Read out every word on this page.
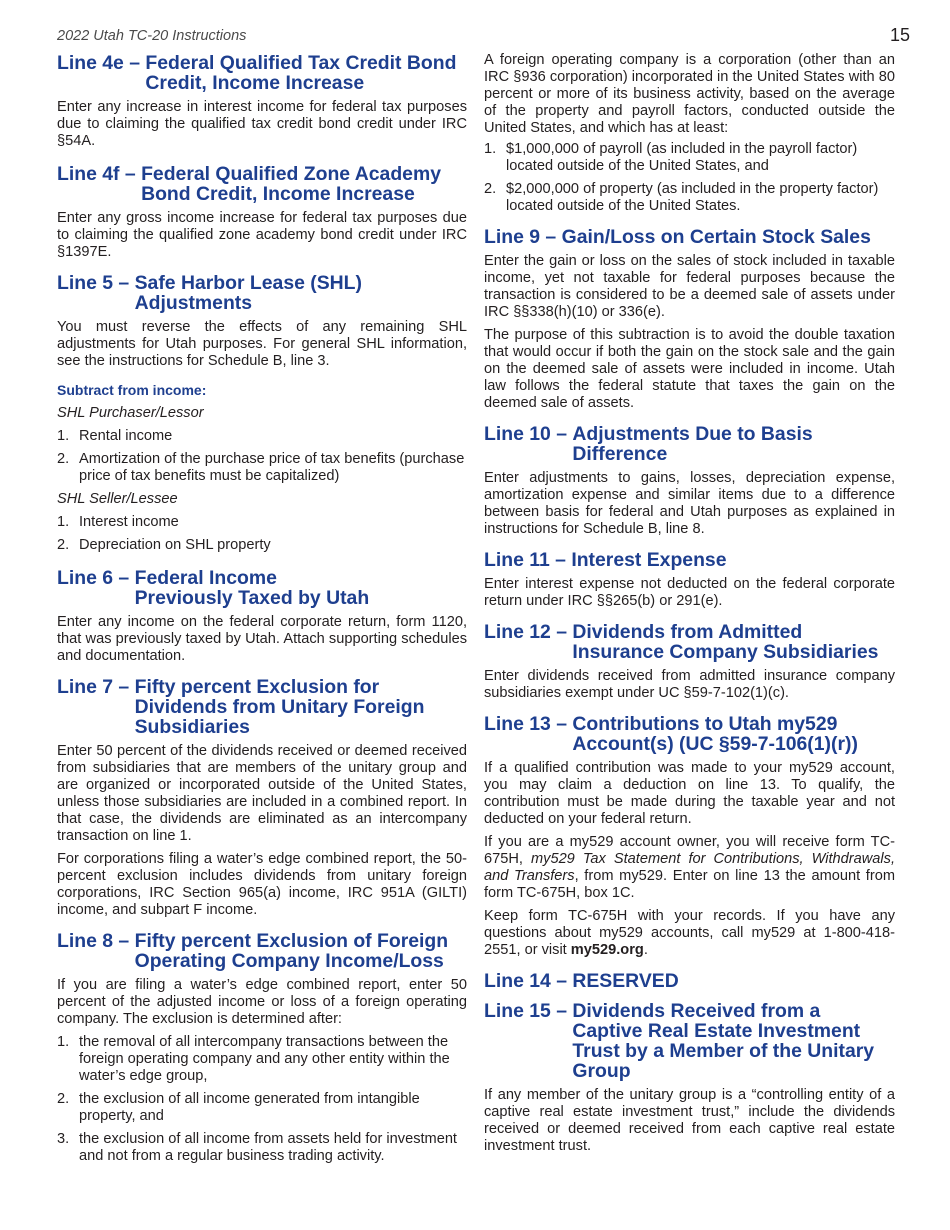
2022 Utah TC-20 Instructions	15
Line 4e –
Federal Qualified Tax Credit Bond Credit, Income Increase

Enter any increase in interest income for federal tax purposes due to claiming the qualified tax credit bond credit under IRC §54A.

Line 4f –
Federal Qualified Zone Academy Bond Credit, Income Increase

Enter any gross income increase for federal tax purposes due to claiming the qualified zone academy bond credit under IRC §1397E.

Line 5 –
Safe Harbor Lease (SHL) Adjustments

You must reverse the effects of any remaining SHL adjustments for Utah purposes. For general SHL information, see the instructions for Schedule B, line 3.

Subtract from income:
SHL Purchaser/Lessor
1. Rental income
2. Amortization of the purchase price of tax benefits (purchase price of tax benefits must be capitalized)
SHL Seller/Lessee
1. Interest income
2. Depreciation on SHL property
Line 6 –
Federal Income Previously Taxed by Utah

Enter any income on the federal corporate return, form 1120, that was previously taxed by Utah. Attach supporting schedules and documentation.

Line 7 –
Fifty percent Exclusion for Dividends from Unitary Foreign Subsidiaries

Enter 50 percent of the dividends received or deemed received from subsidiaries that are members of the unitary group and are organized or incorporated outside of the United States, unless those subsidiaries are included in a combined report. In that case, the dividends are eliminated as an intercompany transaction on line 1.

For corporations filing a water’s edge combined report, the 50-percent exclusion includes dividends from unitary foreign corporations, IRC Section 965(a) income, IRC 951A (GILTI) income, and subpart F income.

Line 8 –
Fifty percent Exclusion of Foreign Operating Company Income/Loss

If you are filing a water’s edge combined report, enter 50 percent of the adjusted income or loss of a foreign operating company. The exclusion is determined after:

1. the removal of all intercompany transactions between the foreign operating company and any other entity within the water’s edge group,
2. the exclusion of all income generated from intangible property, and
3. the exclusion of all income from assets held for investment and not from a regular business trading activity.

A foreign operating company is a corporation (other than an IRC §936 corporation) incorporated in the United States with 80 percent or more of its business activity, based on the average of the property and payroll factors, conducted outside the United States, and which has at least:

1. $1,000,000 of payroll (as included in the payroll factor) located outside of the United States, and
2. $2,000,000 of property (as included in the property factor) located outside of the United States.
Line 9 –
Gain/Loss on Certain Stock Sales

Enter the gain or loss on the sales of stock included in taxable income, yet not taxable for federal purposes because the transaction is considered to be a deemed sale of assets under IRC §§338(h)(10) or 336(e).

The purpose of this subtraction is to avoid the double taxation that would occur if both the gain on the stock sale and the gain on the deemed sale of assets were included in income. Utah law follows the federal statute that taxes the gain on the deemed sale of assets.

Line 10 –
Adjustments Due to Basis Difference

Enter adjustments to gains, losses, depreciation expense, amortization expense and similar items due to a difference between basis for federal and Utah purposes as explained in instructions for Schedule B, line 8.

Line 11 –
Interest Expense

Enter interest expense not deducted on the federal corporate return under IRC §§265(b) or 291(e).

Line 12 –
Dividends from Admitted Insurance Company Subsidiaries

Enter dividends received from admitted insurance company subsidiaries exempt under UC §59-7-102(1)(c).

Line 13 –
Contributions to Utah my529 Account(s) (UC §59-7-106(1)(r))

If a qualified contribution was made to your my529 account, you may claim a deduction on line 13. To qualify, the contribution must be made during the taxable year and not deducted on your federal return.

If you are a my529 account owner, you will receive form TC-675H, my529 Tax Statement for Contributions, Withdrawals, and Transfers, from my529. Enter on line 13 the amount from form TC-675H, box 1C.

Keep form TC-675H with your records. If you have any questions about my529 accounts, call my529 at 1-800-418-2551, or visit my529.org.

Line 14 – RESERVED
Line 15 –
Dividends Received from a Captive Real Estate Investment Trust by a Member of the Unitary Group

If any member of the unitary group is a “controlling entity of a captive real estate investment trust,” include the dividends received or deemed received from each captive real estate investment trust.
